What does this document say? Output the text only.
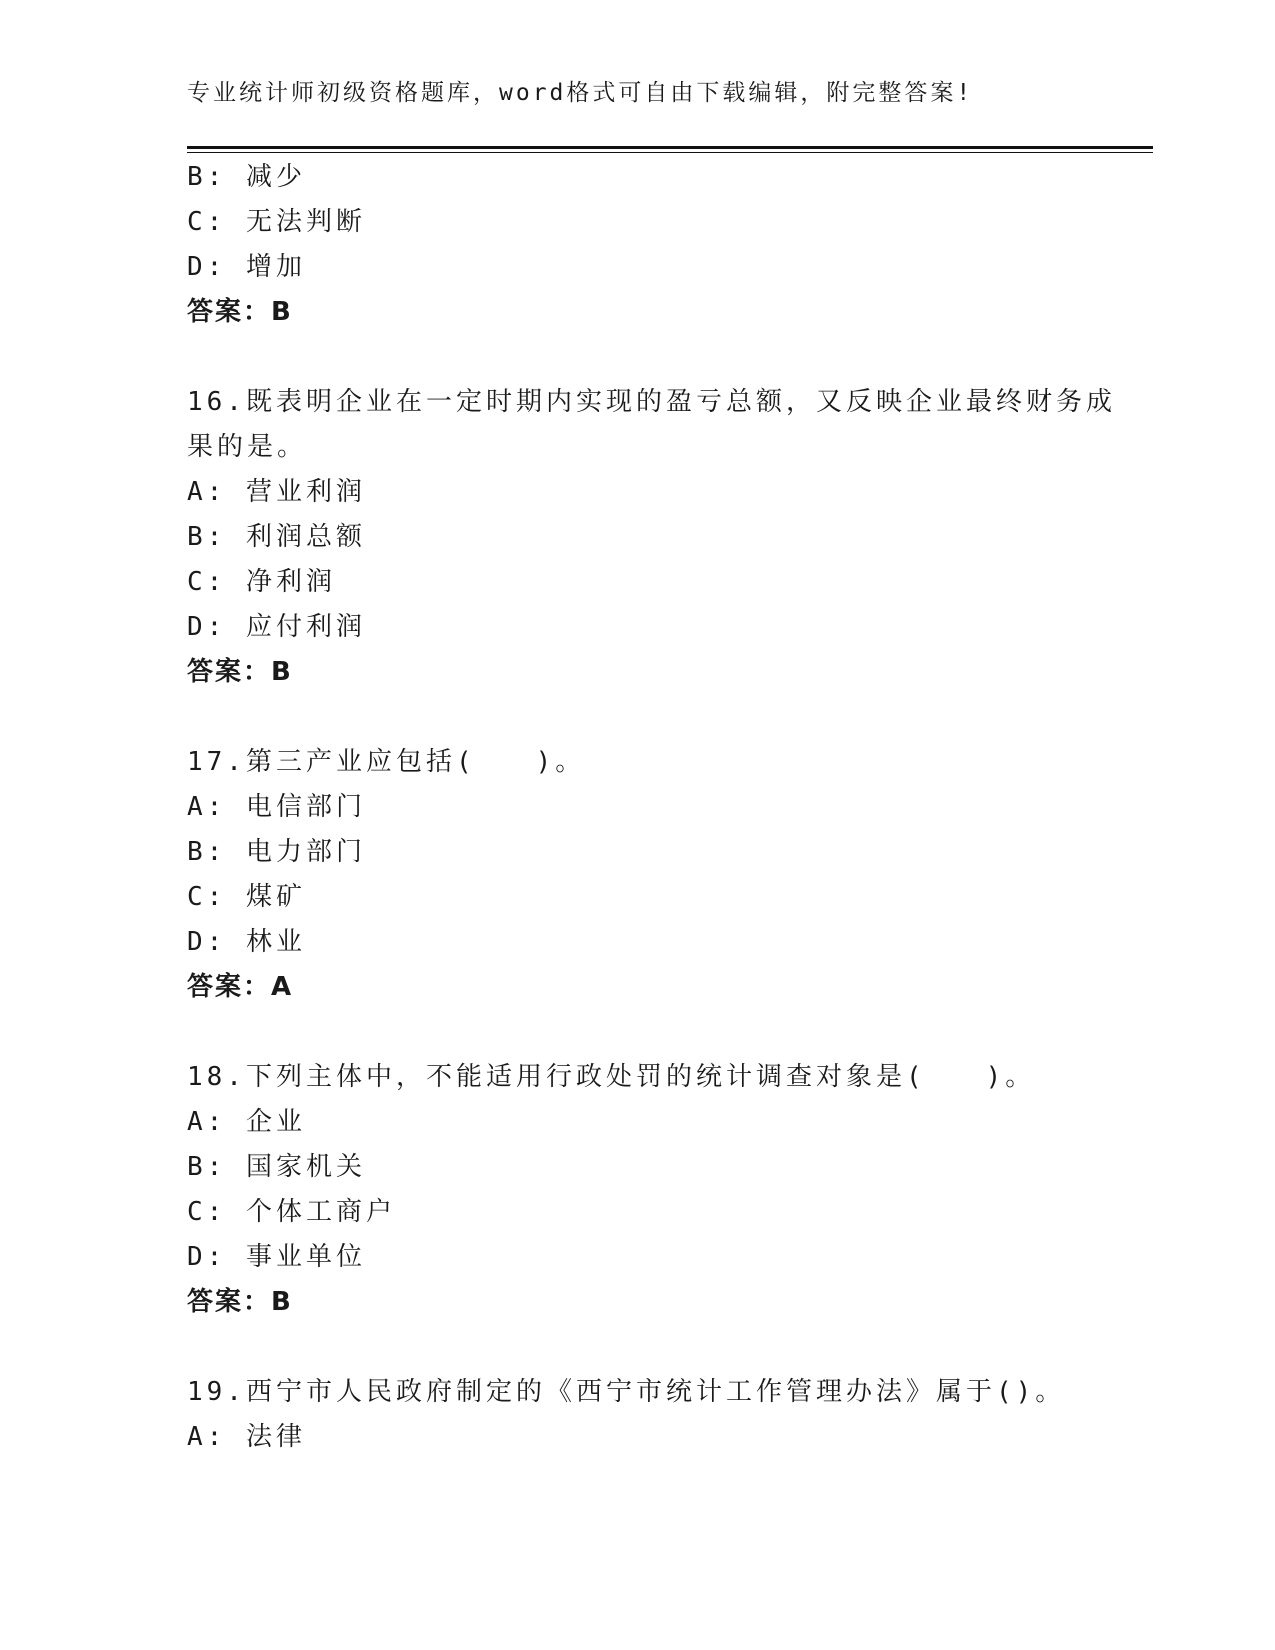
专业统计师初级资格题库，word格式可自由下载编辑，附完整答案!
B: 减少
C: 无法判断
D: 增加
答案：B
16.既表明企业在一定时期内实现的盈亏总额，又反映企业最终财务成
果的是。
A: 营业利润
B: 利润总额
C: 净利润
D: 应付利润
答案：B
17.第三产业应包括(　　)。
A: 电信部门
B: 电力部门
C: 煤矿
D: 林业
答案：A
18.下列主体中，不能适用行政处罚的统计调查对象是(　　)。
A: 企业
B: 国家机关
C: 个体工商户
D: 事业单位
答案：B
19.西宁市人民政府制定的《西宁市统计工作管理办法》属于()。
A: 法律
